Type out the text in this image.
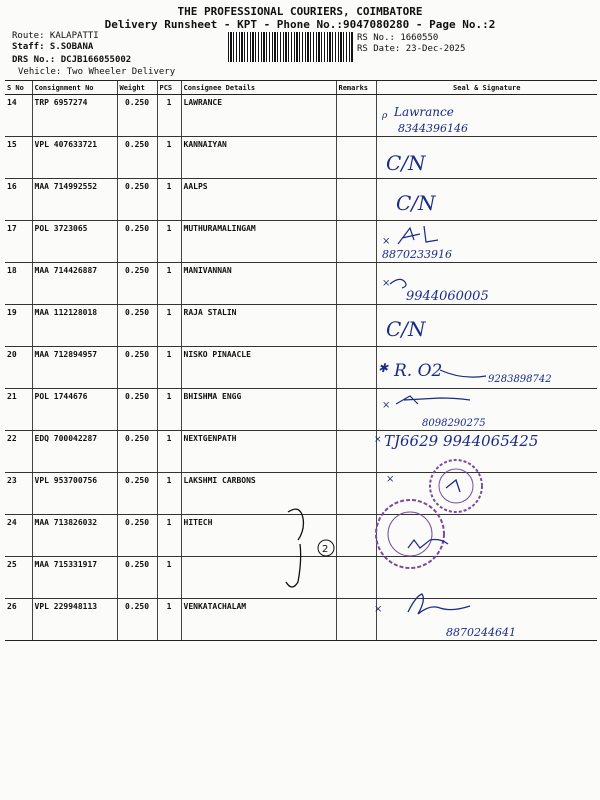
THE PROFESSIONAL COURIERS, COIMBATORE
Delivery Runsheet - KPT - Phone No.:9047080280 - Page No.:2
Route: KALAPATTI
Staff: S.SOBANA
DRS No.: DCJB166055002
Vehicle: Two Wheeler Delivery
RS No.: 1660550
RS Date: 23-Dec-2025
S No	Consignment No	Weight	PCS	Consignee Details	Remarks	Seal & Signature
14	TRP 6957274	0.250	1	LAWRANCE		
15	VPL 407633721	0.250	1	KANNAIYAN		
16	MAA 714992552	0.250	1	AALPS		
17	POL 3723065	0.250	1	MUTHURAMALINGAM		
18	MAA 714426887	0.250	1	MANIVANNAN		
19	MAA 112128018	0.250	1	RAJA STALIN		
20	MAA 712894957	0.250	1	NISKO PINAACLE		
21	POL 1744676	0.250	1	BHISHMA ENGG		
22	EDQ 700042287	0.250	1	NEXTGENPATH		
23	VPL 953700756	0.250	1	LAKSHMI CARBONS		
24	MAA 713826032	0.250	1	HITECH		
25	MAA 715331917	0.250	1			
26	VPL 229948113	0.250	1	VENKATACHALAM		
ρ Lawrance
8344396146
C/N
C/N
×
8870233916
×
9944060005
C/N
✱ R. O2	9283898742
×
8098290275
× TJ6629 9944065425
×
2
×
8870244641
